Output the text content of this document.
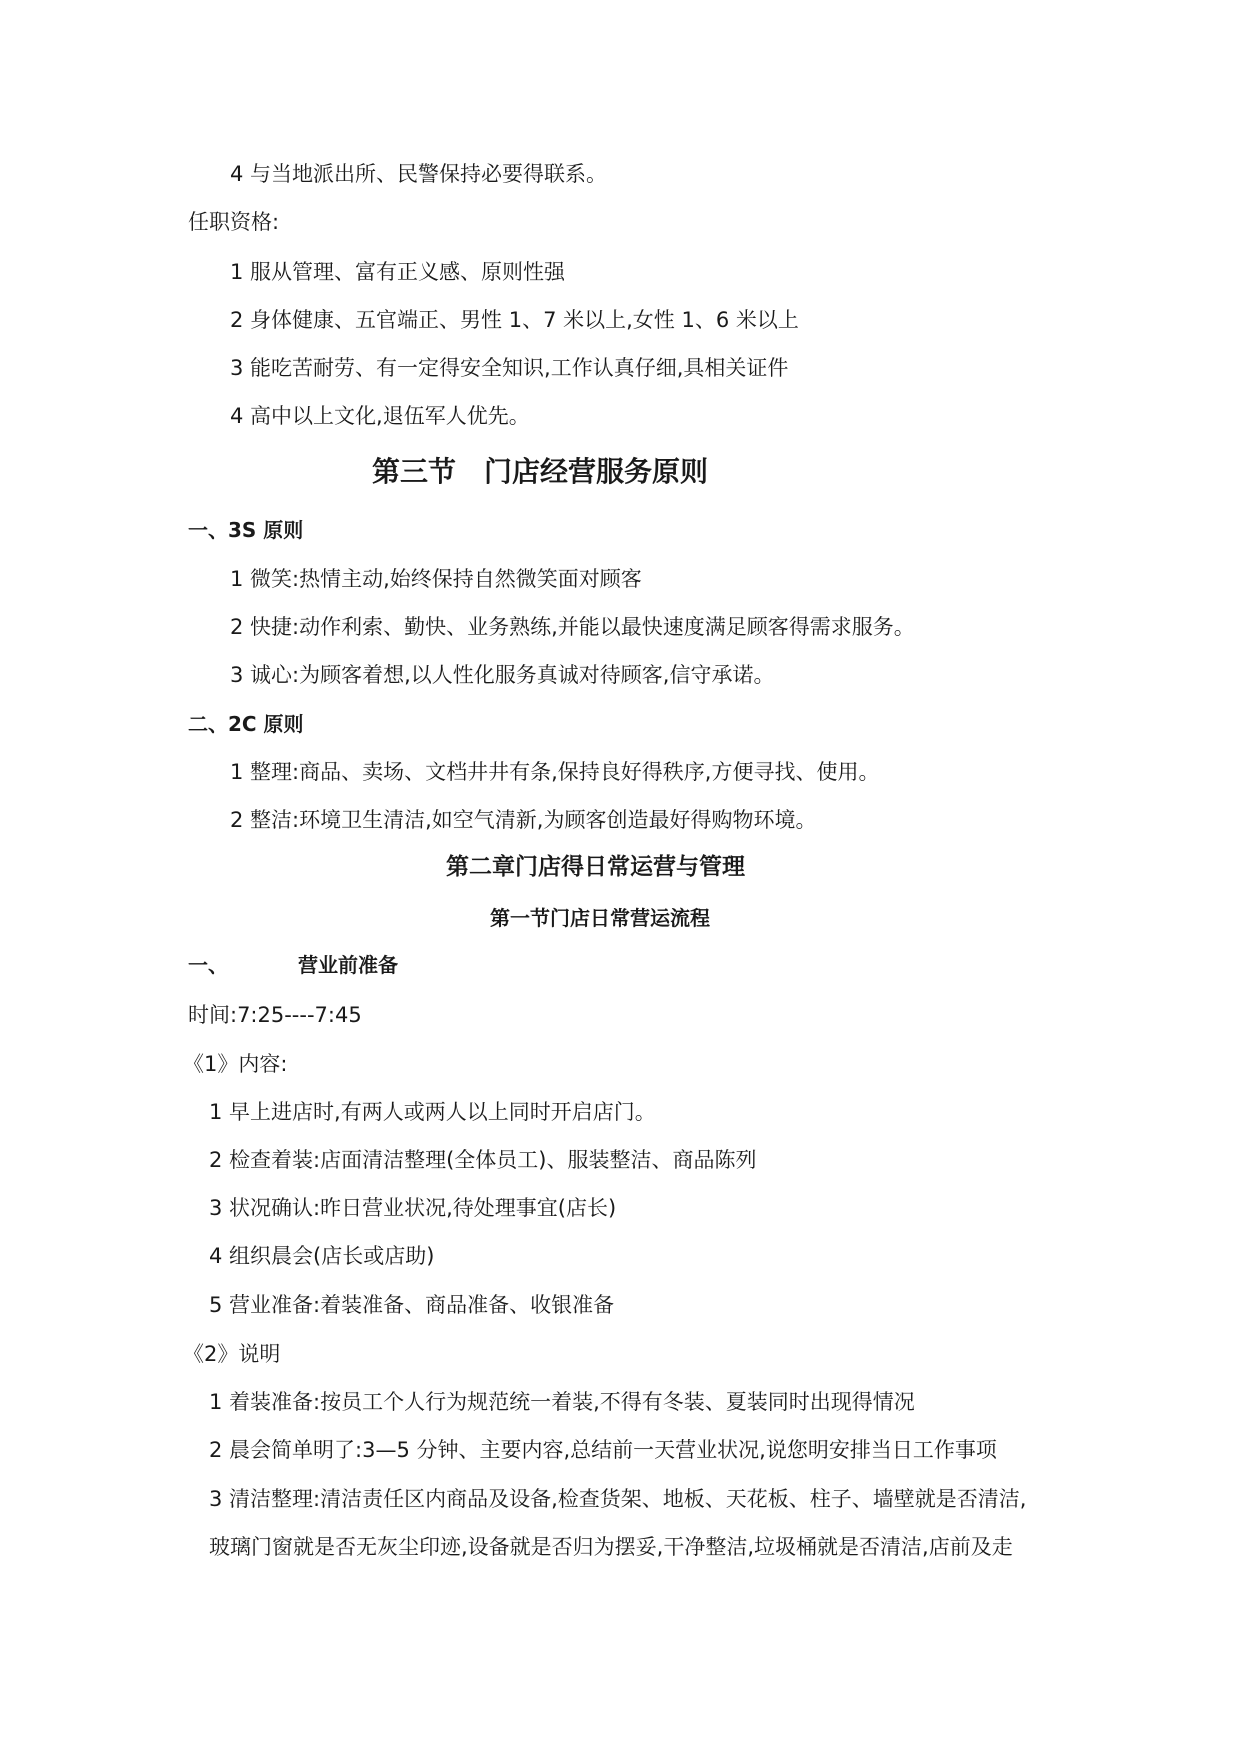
4 与当地派出所、民警保持必要得联系。
任职资格:
1 服从管理、富有正义感、原则性强
2 身体健康、五官端正、男性 1、7 米以上,女性 1、6 米以上
3 能吃苦耐劳、有一定得安全知识,工作认真仔细,具相关证件
4 高中以上文化,退伍军人优先。
第三节 门店经营服务原则
一、3S 原则
1 微笑:热情主动,始终保持自然微笑面对顾客
2 快捷:动作利索、勤快、业务熟练,并能以最快速度满足顾客得需求服务。
3 诚心:为顾客着想,以人性化服务真诚对待顾客,信守承诺。
二、2C 原则
1 整理:商品、卖场、文档井井有条,保持良好得秩序,方便寻找、使用。
2 整洁:环境卫生清洁,如空气清新,为顾客创造最好得购物环境。
第二章门店得日常运营与管理
第一节门店日常营运流程
一、	营业前准备
时间:7:25----7:45
《1》内容:
1 早上进店时,有两人或两人以上同时开启店门。
2 检查着装:店面清洁整理(全体员工)、服装整洁、商品陈列
3 状况确认:昨日营业状况,待处理事宜(店长)
4 组织晨会(店长或店助)
5 营业准备:着装准备、商品准备、收银准备
《2》说明
1 着装准备:按员工个人行为规范统一着装,不得有冬装、夏装同时出现得情况
2 晨会简单明了:3—5 分钟、主要内容,总结前一天营业状况,说您明安排当日工作事项
3 清洁整理:清洁责任区内商品及设备,检查货架、地板、天花板、柱子、墙壁就是否清洁,
玻璃门窗就是否无灰尘印迹,设备就是否归为摆妥,干净整洁,垃圾桶就是否清洁,店前及走
